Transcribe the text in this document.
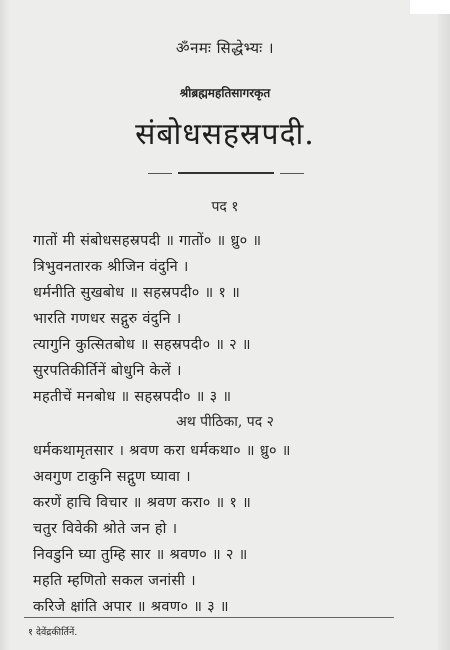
ॐनमः सिद्धेभ्यः ।
श्रीब्रह्ममहतिसागरकृत
संबोधसहस्रपदी.
पद १
गातों मी संबोधसहस्रपदी ॥ गातों० ॥ ध्रु० ॥
त्रिभुवनतारक श्रीजिन वंदुनि ।
धर्मनीति सुखबोध ॥ सहस्रपदी० ॥ १ ॥
भारति गणधर सद्गुरु वंदुनि ।
त्यागुनि कुत्सितबोध ॥ सहस्रपदी० ॥ २ ॥
सुरपतिकीर्तिनें बोधुनि केलें ।
महतीचें मनबोध ॥ सहस्रपदी० ॥ ३ ॥
अथ पीठिका, पद २
धर्मकथामृतसार । श्रवण करा धर्मकथा० ॥ ध्रु० ॥
अवगुण टाकुनि सद्गुण घ्यावा ।
करणें हाचि विचार ॥ श्रवण करा० ॥ १ ॥
चतुर विवेकी श्रोते जन हो ।
निवडुनि घ्या तुम्हि सार ॥ श्रवण० ॥ २ ॥
महति म्हणितो सकल जनांसी ।
करिजे क्षांति अपार ॥ श्रवण० ॥ ३ ॥
१ देवेंद्रकीर्तिनें.
